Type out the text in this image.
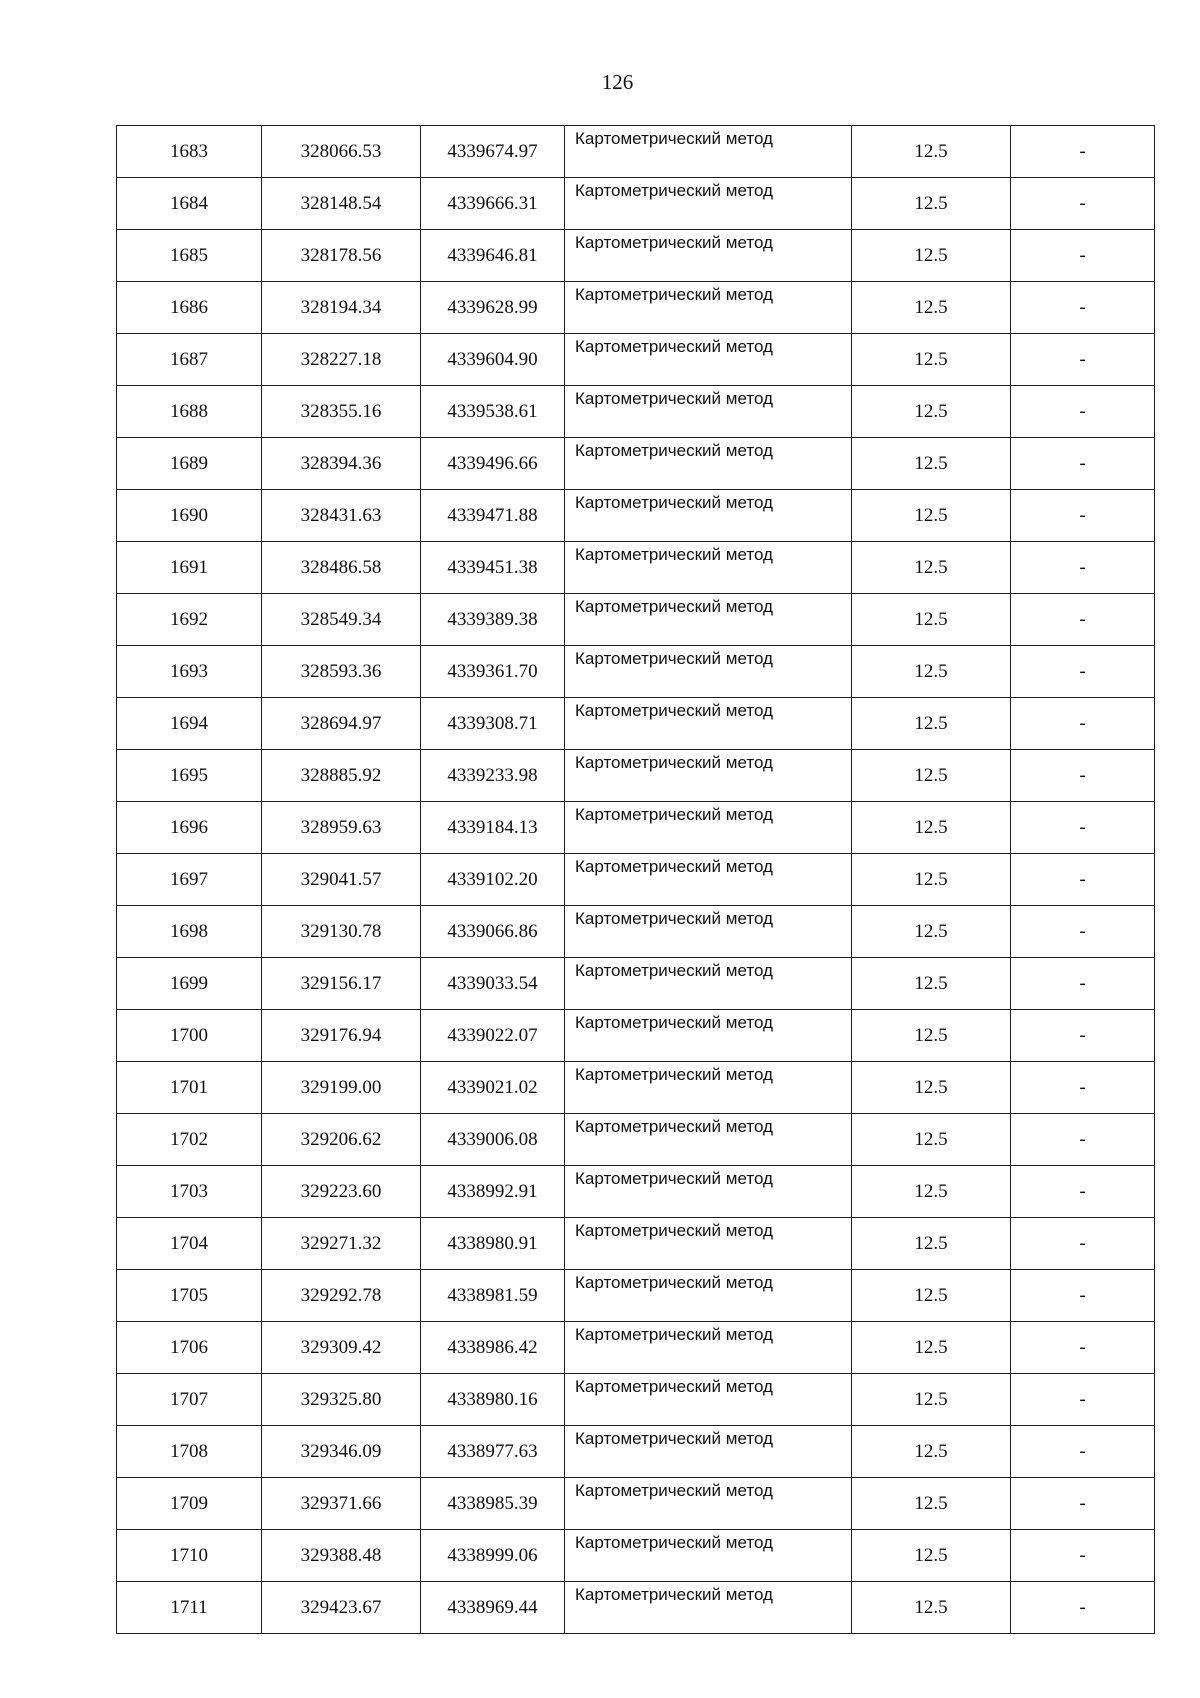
126
1683	328066.53	4339674.97	Картометрический метод	12.5	-
1684	328148.54	4339666.31	Картометрический метод	12.5	-
1685	328178.56	4339646.81	Картометрический метод	12.5	-
1686	328194.34	4339628.99	Картометрический метод	12.5	-
1687	328227.18	4339604.90	Картометрический метод	12.5	-
1688	328355.16	4339538.61	Картометрический метод	12.5	-
1689	328394.36	4339496.66	Картометрический метод	12.5	-
1690	328431.63	4339471.88	Картометрический метод	12.5	-
1691	328486.58	4339451.38	Картометрический метод	12.5	-
1692	328549.34	4339389.38	Картометрический метод	12.5	-
1693	328593.36	4339361.70	Картометрический метод	12.5	-
1694	328694.97	4339308.71	Картометрический метод	12.5	-
1695	328885.92	4339233.98	Картометрический метод	12.5	-
1696	328959.63	4339184.13	Картометрический метод	12.5	-
1697	329041.57	4339102.20	Картометрический метод	12.5	-
1698	329130.78	4339066.86	Картометрический метод	12.5	-
1699	329156.17	4339033.54	Картометрический метод	12.5	-
1700	329176.94	4339022.07	Картометрический метод	12.5	-
1701	329199.00	4339021.02	Картометрический метод	12.5	-
1702	329206.62	4339006.08	Картометрический метод	12.5	-
1703	329223.60	4338992.91	Картометрический метод	12.5	-
1704	329271.32	4338980.91	Картометрический метод	12.5	-
1705	329292.78	4338981.59	Картометрический метод	12.5	-
1706	329309.42	4338986.42	Картометрический метод	12.5	-
1707	329325.80	4338980.16	Картометрический метод	12.5	-
1708	329346.09	4338977.63	Картометрический метод	12.5	-
1709	329371.66	4338985.39	Картометрический метод	12.5	-
1710	329388.48	4338999.06	Картометрический метод	12.5	-
1711	329423.67	4338969.44	Картометрический метод	12.5	-
